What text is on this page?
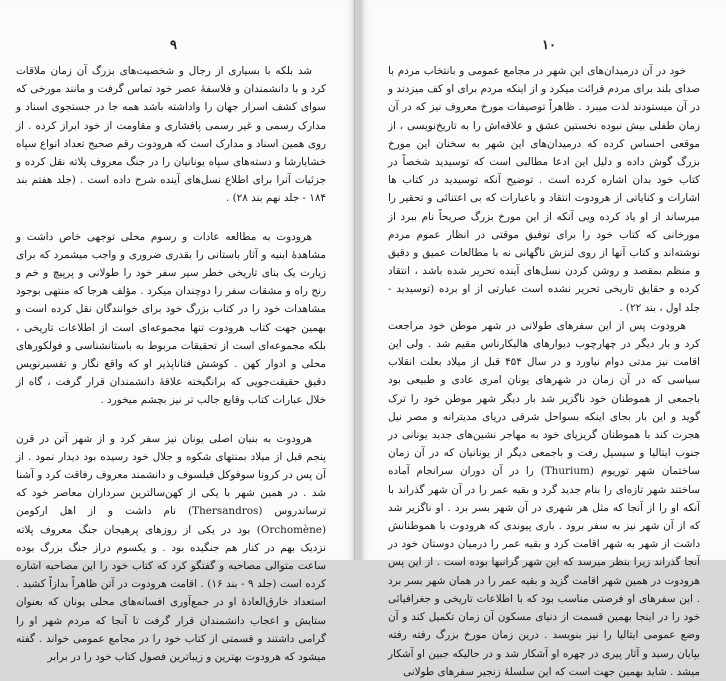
۹

شد بلکه با بسیاری از رجال و شخصیت‌های بزرگ آن زمان ملاقات کرد و با دانشمندان و فلاسفهٔ عصر خود تماس گرفت و مانند مورخی که سوای کشف اسرار جهان را واداشته باشد همه جا در جستجوی اسناد و مدارک رسمی و غیر رسمی پافشاری و مقاومت از خود ابراز کرده . از روی همین اسناد و مدارک است که هرودوت رقم صحیح تعداد انواع سپاه خشایارشا و دسته‌های سپاه یونانیان را در جنگ معروف پلاته نقل کرده و جزئیات آنرا برای اطلاع نسل‌های آینده شرح داده است . (جلد هفتم بند ۱۸۴ - جلد نهم بند ۲۸) .

هرودوت به مطالعه عادات و رسوم محلی توجهی خاص داشت و مشاهدهٔ ابنیه و آثار باستانی را بقدری ضروری و واجب میشمرد که برای زیارت یک بنای تاریخی خطر سیر سفر خود را طولانی و پرپیچ و خم و رنج راه و مشقات سفر را دوچندان میکرد . مؤلف هرجا که منتهی بوجود مشاهدات خود را در کتاب بزرگ خود برای خوانندگان نقل کرده است و بهمین جهت کتاب هرودوت تنها مجموعه‌ای است از اطلاعات تاریخی ، بلکه مجموعه‌ای است از تحقیقات مربوط به باستانشناسی و فولکورهای محلی و ادوار کهن . کوشش فتاناپذیر او که واقع نگار و تفسیرنویس دقیق حقیقت‌جویی که برانگیخته علاقهٔ دانشمندان قرار گرفت ، گاه از خلال عبارات کتاب وقایع جالب‌ تر نیز بچشم میخورد .

هرودوت به بنیان اصلی یونان نیز سفر کرد و از شهر آتن در قرن پنجم قبل از میلاد بمنتهای شکوه و جلال خود رسیده بود دیدار نمود . از آن پس در کرونا سوفوکل فیلسوف و دانشمند معروف رفاقت کرد و آشنا شد . در همین شهر با یکی از کهن‌سالترین سرداران معاصر خود که ترساندروس (Thersandros) نام داشت و از اهل ارکومن (Orchomène) بود در یکی از روزهای پرهیجان جنگ معروف پلاته نزدیک بهم در کنار هم جنگیده بود . و یکسوم دراز جنگ بزرگ بوده ساعت متوالی مصاحبه و گفتگو کرد که کتاب خود را این مصاحبه اشاره کرده است (جلد ۹ - بند ۱۶) . اقامت هرودوت در آتن ظاهراً بدازاً کشید . استعداد خارق‌العادهٔ او در جمع‌آوری افسانه‌های محلی یونان که بعنوان ستایش و اعجاب دانشمندان قرار گرفت تا آنجا که مردم شهر او را گرامی داشتند و قسمتی از کتاب خود را در مجامع عمومی خواند . گفته میشود که هرودوت بهترین و زیباترین فصول کتاب خود را در برابر

۱۰

خود در آن درمیدان‌های این شهر در مجامع عمومی و بانتخاب مردم با صدای بلند برای مردم قرائت میکرد و از اینکه مردم برای او کف میزدند و در آن میستودند لذت میبرد . ظاهراً توصیفات مورخ معروف نیز که در آن زمان طفلی بیش نبوده نخستین عشق و علاقه‌اش را به تاریخ‌نویسی ، از موقعی احساس کرده که درمیدان‌های این شهر به سخنان این مورخ بزرگ گوش داده و دلیل این ادعا مطالبی است که توسیدید شخصاً در کتاب خود بدان اشاره کرده است . توضیح آنکه توسیدید در کتاب ها اشارات و کنایاتی از هرودوت انتقاد و باعبارات که بی اعتنائی و تحقیر را میرساند از او یاد کرده ویی آنکه از این مورخ بزرگ صریحاً نام ببرد از مورخانی که کتاب خود را برای توفیق موقتی در انظار عموم مردم نوشته‌اند و کتاب آنها از روی لنزش ناگهانی نه با مطالعات عمیق و دقیق و منظم بمقصد و روشن کردن نسل‌های آینده تحریر شده باشد ، انتقاد کرده و حقایق تاریخی تحریر نشده است عبارتی از او برده (توسیدید - جلد اول ، بند ۲۲) .

هرودوت پس از این سفرهای طولانی در شهر موطن خود مراجعت کرد و بار دیگر در چهارچوب دیوارهای هالیکارناس مقیم شد . ولی این اقامت نیز مدتی دوام نیاورد و در سال ۴۵۴ قبل از میلاد بعلت انقلاب سیاسی که در آن زمان در شهرهای یونان امری عادی و طبیعی بود باجمعی از هموطنان خود ناگزیر شد بار دیگر شهر موطن خود را ترک گوید و این بار بجای اینکه بسواحل شرقی دریای مدیترانه و مصر نیل هجرت کند با هموطنان گریزپای خود به مهاجر نشین‌های جدید یونانی در جنوب ایتالیا و سیسیل رفت و باجمعی دیگر از یونانیان که در آن زمان ساختمان شهر توریوم (Thurium) را در آن دوران سرانجام آماده ساختند شهر تازه‌ای را بنام جدید گرد و بقیه عمر را در آن شهر گذراند با آنکه او را از آنجا که مثل هر شهری در آن شهر بسر برد . او ناگزیر شد که از آن شهر نیز به سفر برود . باری پیوندی که هرودوت با هموطنانش داشت از شهر به شهر اقامت کرد و بقیه عمر را درمیان دوستان خود در آنجا گذراند زیرا بنظر میرسد که این شهر گرانبها بوده است . از این پس هرودوت در همین شهر اقامت گزید و بقیه عمر را در همان شهر بسر برد . این سفرهای او فرصتی مناسب بود که با اطلاعات تاریخی و جغرافیائی خود را در اینجا بهمین قسمت از دنیای مسکون آن زمان تکمیل کند و آن وضع عمومی ایتالیا را نیز بنویسد . درین زمان مورخ بزرگ رفته رفته بپایان رسید و آثار پیری در چهره او آشکار شد و در حالیکه جبین او آشکار میشد . شاید بهمین جهت است که این سلسلهٔ زنجیر سفرهای طولانی
